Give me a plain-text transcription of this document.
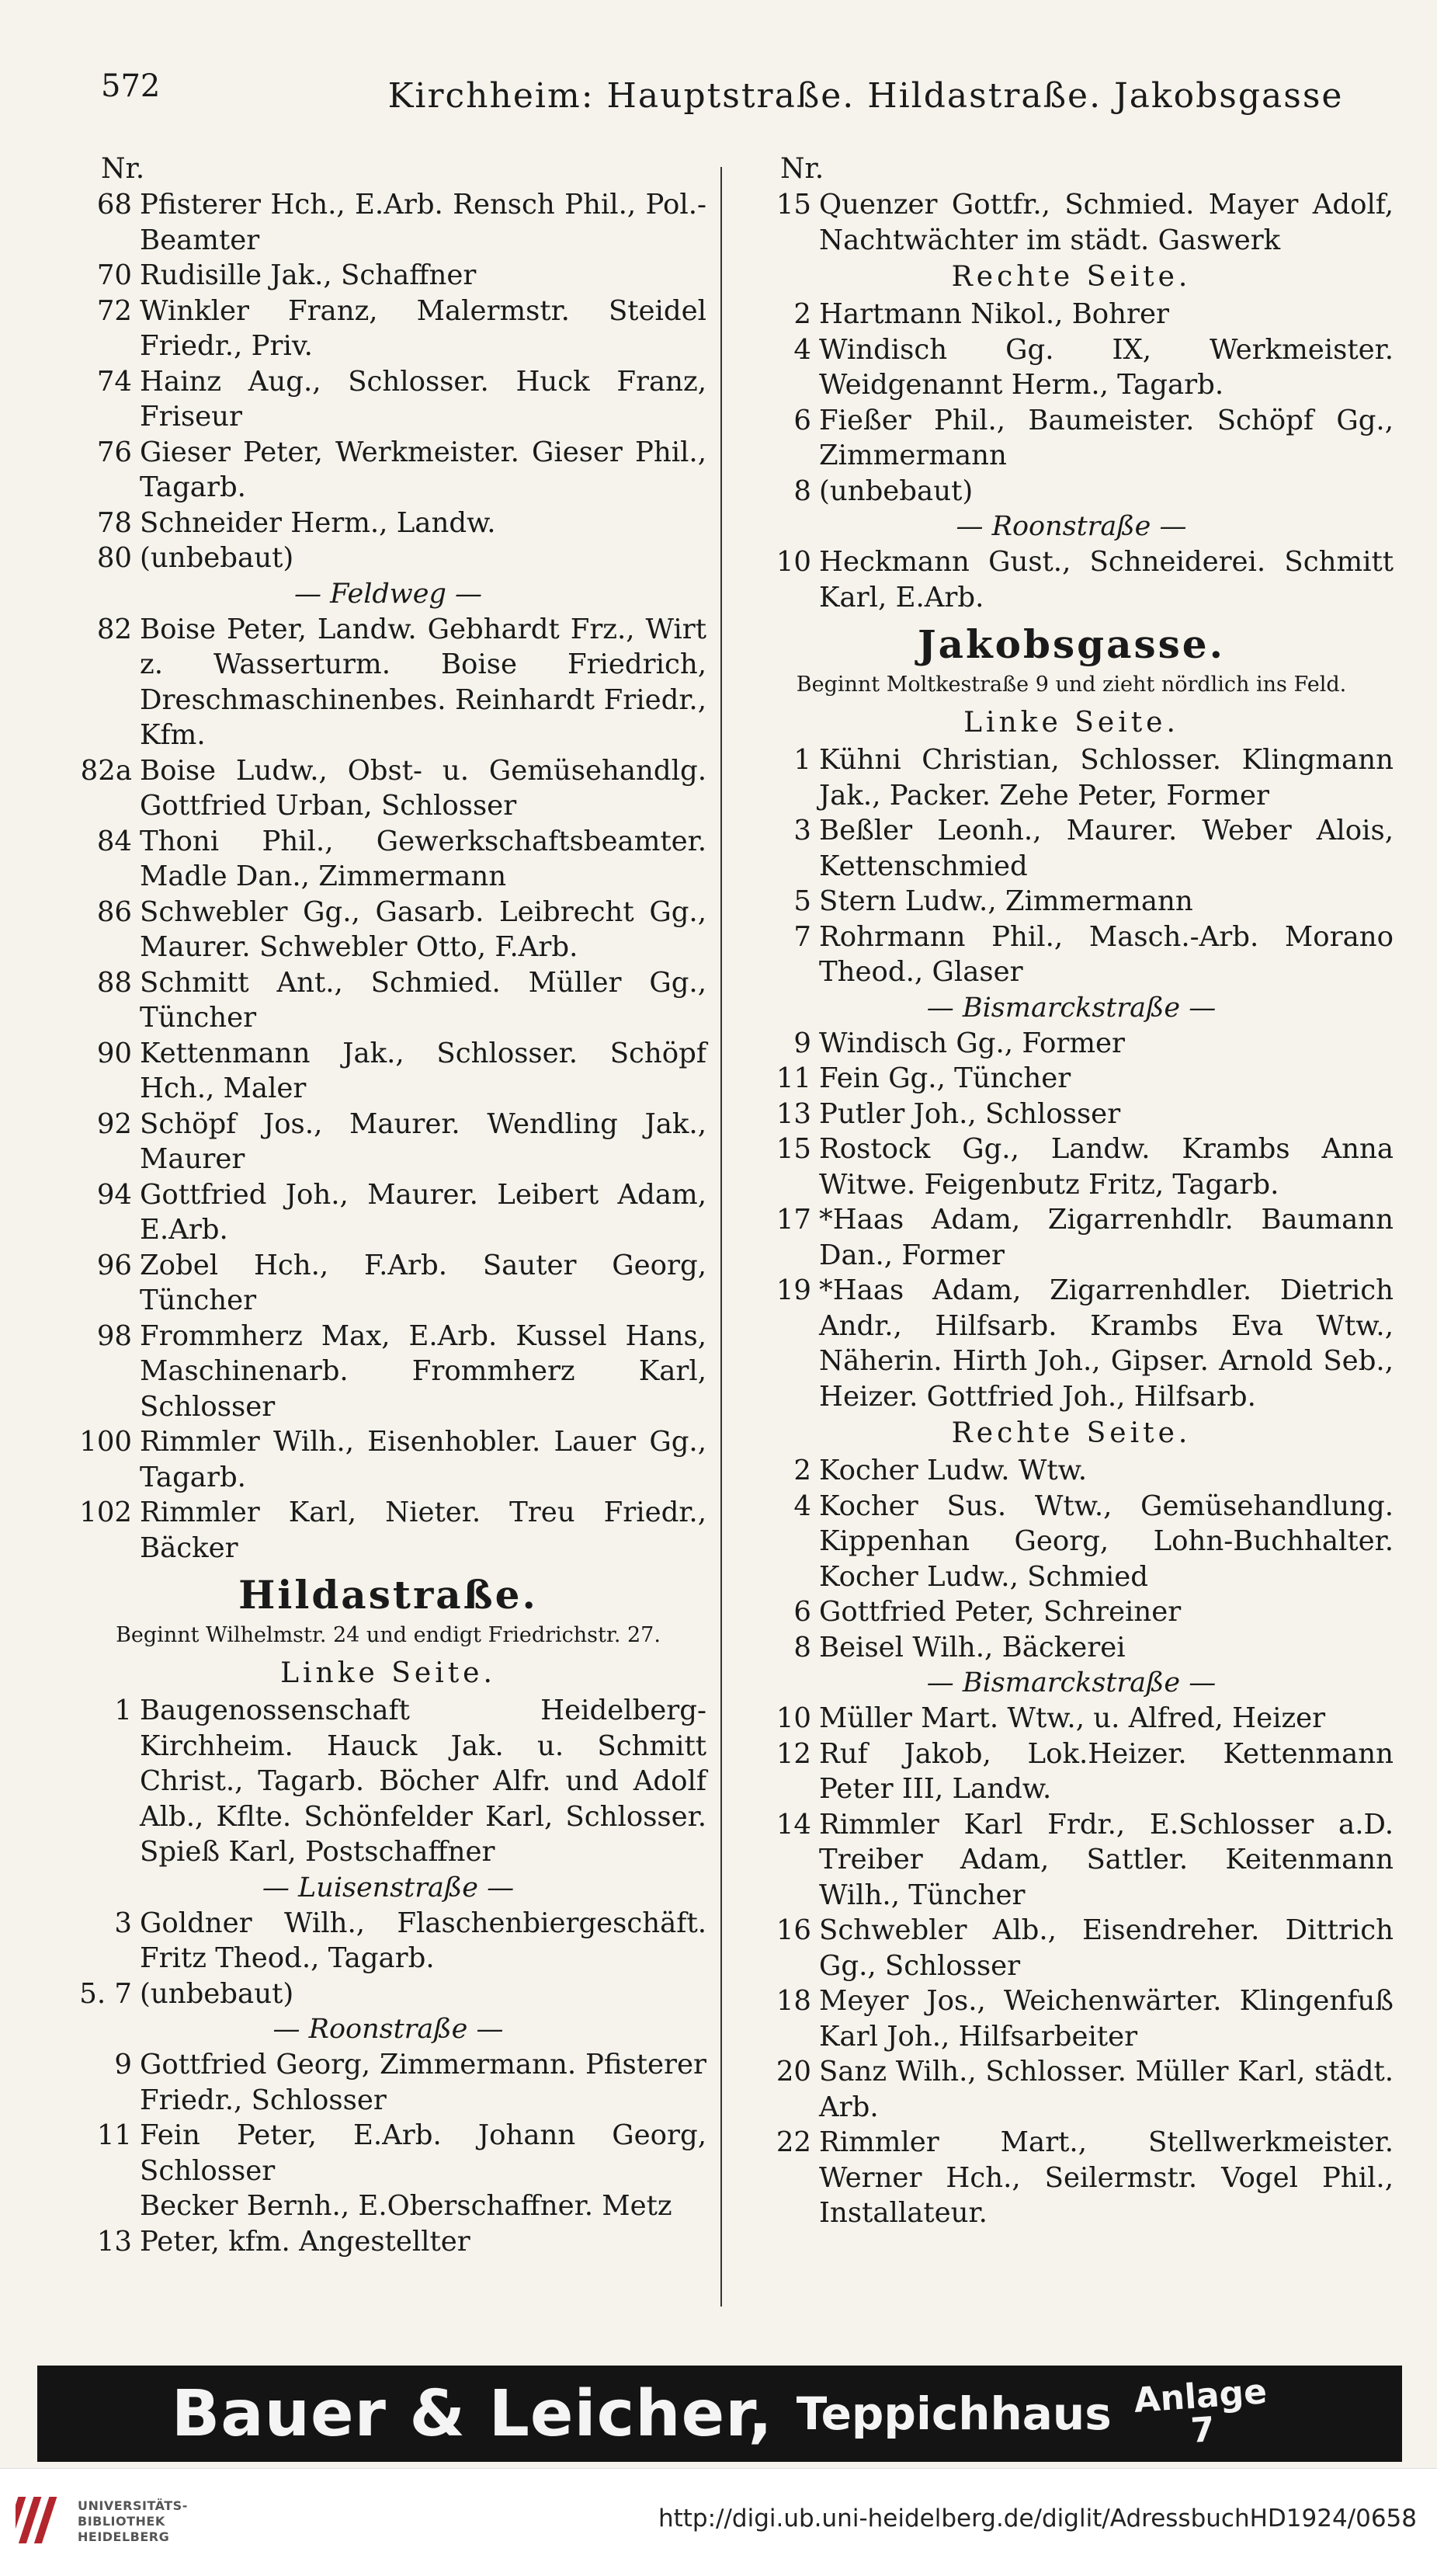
572	Kirchheim: Hauptstraße. Hildastraße. Jakobsgasse
Nr.
68 Pfisterer Hch., E.Arb. Rensch Phil., Pol.-Beamter
70 Rudisille Jak., Schaffner
72 Winkler Franz, Malermstr. Steidel Friedr., Priv.
74 Hainz Aug., Schlosser. Huck Franz, Friseur
76 Gieser Peter, Werkmeister. Gieser Phil., Tagarb.
78 Schneider Herm., Landw.
80 (unbebaut)
— Feldweg —
82 Boise Peter, Landw. Gebhardt Frz., Wirt z. Wasserturm. Boise Friedrich, Dreschmaschinenbes. Reinhardt Friedr., Kfm.
82a Boise Ludw., Obst- u. Gemüsehandlg. Gottfried Urban, Schlosser
84 Thoni Phil., Gewerkschaftsbeamter. Madle Dan., Zimmermann
86 Schwebler Gg., Gasarb. Leibrecht Gg., Maurer. Schwebler Otto, F.Arb.
88 Schmitt Ant., Schmied. Müller Gg., Tüncher
90 Kettenmann Jak., Schlosser. Schöpf Hch., Maler
92 Schöpf Jos., Maurer. Wendling Jak., Maurer
94 Gottfried Joh., Maurer. Leibert Adam, E.Arb.
96 Zobel Hch., F.Arb. Sauter Georg, Tüncher
98 Frommherz Max, E.Arb. Kussel Hans, Maschinenarb. Frommherz Karl, Schlosser
100 Rimmler Wilh., Eisenhobler. Lauer Gg., Tagarb.
102 Rimmler Karl, Nieter. Treu Friedr., Bäcker
Hildastraße.
Beginnt Wilhelmstr. 24 und endigt Friedrichstr. 27.
Linke Seite.
1 Baugenossenschaft Heidelberg-Kirchheim. Hauck Jak. u. Schmitt Christ., Tagarb. Böcher Alfr. und Adolf Alb., Kfltе. Schönfelder Karl, Schlosser. Spieß Karl, Postschaffner
— Luisenstraße —
3 Goldner Wilh., Flaschenbiergeschäft. Fritz Theod., Tagarb.
5. 7 (unbebaut)
— Roonstraße —
9 Gottfried Georg, Zimmermann. Pfisterer Friedr., Schlosser
11 Fein Peter, E.Arb. Johann Georg, Schlosser
Becker Bernh., E.Oberschaffner. Metz
13 Peter, kfm. Angestellter
Nr.
15 Quenzer Gottfr., Schmied. Mayer Adolf, Nachtwächter im städt. Gaswerk
Rechte Seite.
2 Hartmann Nikol., Bohrer
4 Windisch Gg. IX, Werkmeister. Weidgenannt Herm., Tagarb.
6 Fießer Phil., Baumeister. Schöpf Gg., Zimmermann
8 (unbebaut)
— Roonstraße —
10 Heckmann Gust., Schneiderei. Schmitt Karl, E.Arb.
Jakobsgasse.
Beginnt Moltkestraße 9 und zieht nördlich ins Feld.
Linke Seite.
1 Kühni Christian, Schlosser. Klingmann Jak., Packer. Zehe Peter, Former
3 Beßler Leonh., Maurer. Weber Alois, Kettenschmied
5 Stern Ludw., Zimmermann
7 Rohrmann Phil., Masch.-Arb. Morano Theod., Glaser
— Bismarckstraße —
9 Windisch Gg., Former
11 Fein Gg., Tüncher
13 Putler Joh., Schlosser
15 Rostock Gg., Landw. Krambs Anna Witwe. Feigenbutz Fritz, Tagarb.
17 *Haas Adam, Zigarrenhdlr. Baumann Dan., Former
19 *Haas Adam, Zigarrenhdler. Dietrich Andr., Hilfsarb. Krambs Eva Wtw., Näherin. Hirth Joh., Gipser. Arnold Seb., Heizer. Gottfried Joh., Hilfsarb.
Rechte Seite.
2 Kocher Ludw. Wtw.
4 Kocher Sus. Wtw., Gemüsehandlung. Kippenhan Georg, Lohn-Buchhalter. Kocher Ludw., Schmied
6 Gottfried Peter, Schreiner
8 Beisel Wilh., Bäckerei
— Bismarckstraße —
10 Müller Mart. Wtw., u. Alfred, Heizer
12 Ruf Jakob, Lok.Heizer. Kettenmann Peter III, Landw.
14 Rimmler Karl Frdr., E.Schlosser a.D. Treiber Adam, Sattler. Keitenmann Wilh., Tüncher
16 Schwebler Alb., Eisendreher. Dittrich Gg., Schlosser
18 Meyer Jos., Weichenwärter. Klingenfuß Karl Joh., Hilfsarbeiter
20 Sanz Wilh., Schlosser. Müller Karl, städt. Arb.
22 Rimmler Mart., Stellwerkmeister. Werner Hch., Seilermstr. Vogel Phil., Installateur.
Bauer & Leicher, Teppichhaus Anlage
7
UNIVERSITÄTS-
BIBLIOTHEK
HEIDELBERG
http://digi.ub.uni-heidelberg.de/diglit/AdressbuchHD1924/0658
